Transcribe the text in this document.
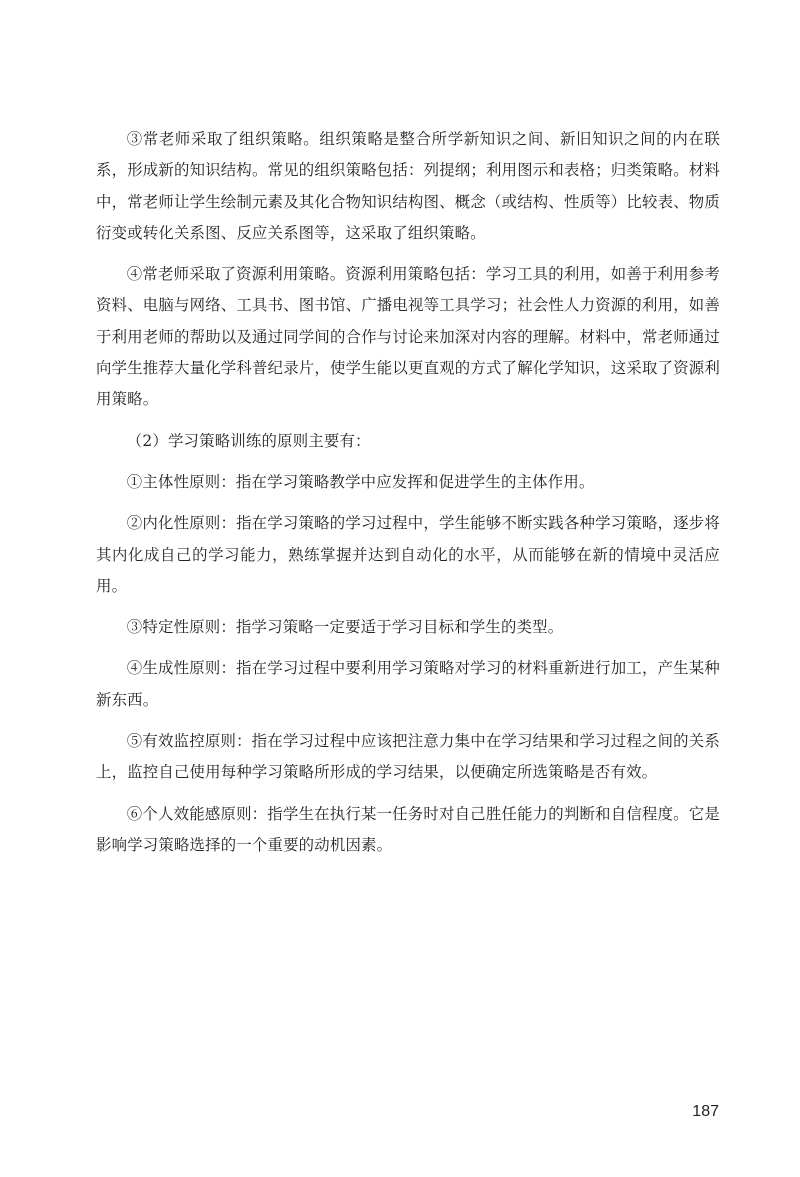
③常老师采取了组织策略。组织策略是整合所学新知识之间、新旧知识之间的内在联系，形成新的知识结构。常见的组织策略包括：列提纲；利用图示和表格；归类策略。材料中，常老师让学生绘制元素及其化合物知识结构图、概念（或结构、性质等）比较表、物质衍变或转化关系图、反应关系图等，这采取了组织策略。

④常老师采取了资源利用策略。资源利用策略包括：学习工具的利用，如善于利用参考资料、电脑与网络、工具书、图书馆、广播电视等工具学习；社会性人力资源的利用，如善于利用老师的帮助以及通过同学间的合作与讨论来加深对内容的理解。材料中，常老师通过向学生推荐大量化学科普纪录片，使学生能以更直观的方式了解化学知识，这采取了资源利用策略。

（2）学习策略训练的原则主要有：

①主体性原则：指在学习策略教学中应发挥和促进学生的主体作用。

②内化性原则：指在学习策略的学习过程中，学生能够不断实践各种学习策略，逐步将其内化成自己的学习能力，熟练掌握并达到自动化的水平，从而能够在新的情境中灵活应用。

③特定性原则：指学习策略一定要适于学习目标和学生的类型。

④生成性原则：指在学习过程中要利用学习策略对学习的材料重新进行加工，产生某种新东西。

⑤有效监控原则：指在学习过程中应该把注意力集中在学习结果和学习过程之间的关系上，监控自己使用每种学习策略所形成的学习结果，以便确定所选策略是否有效。

⑥个人效能感原则：指学生在执行某一任务时对自己胜任能力的判断和自信程度。它是影响学习策略选择的一个重要的动机因素。

187
